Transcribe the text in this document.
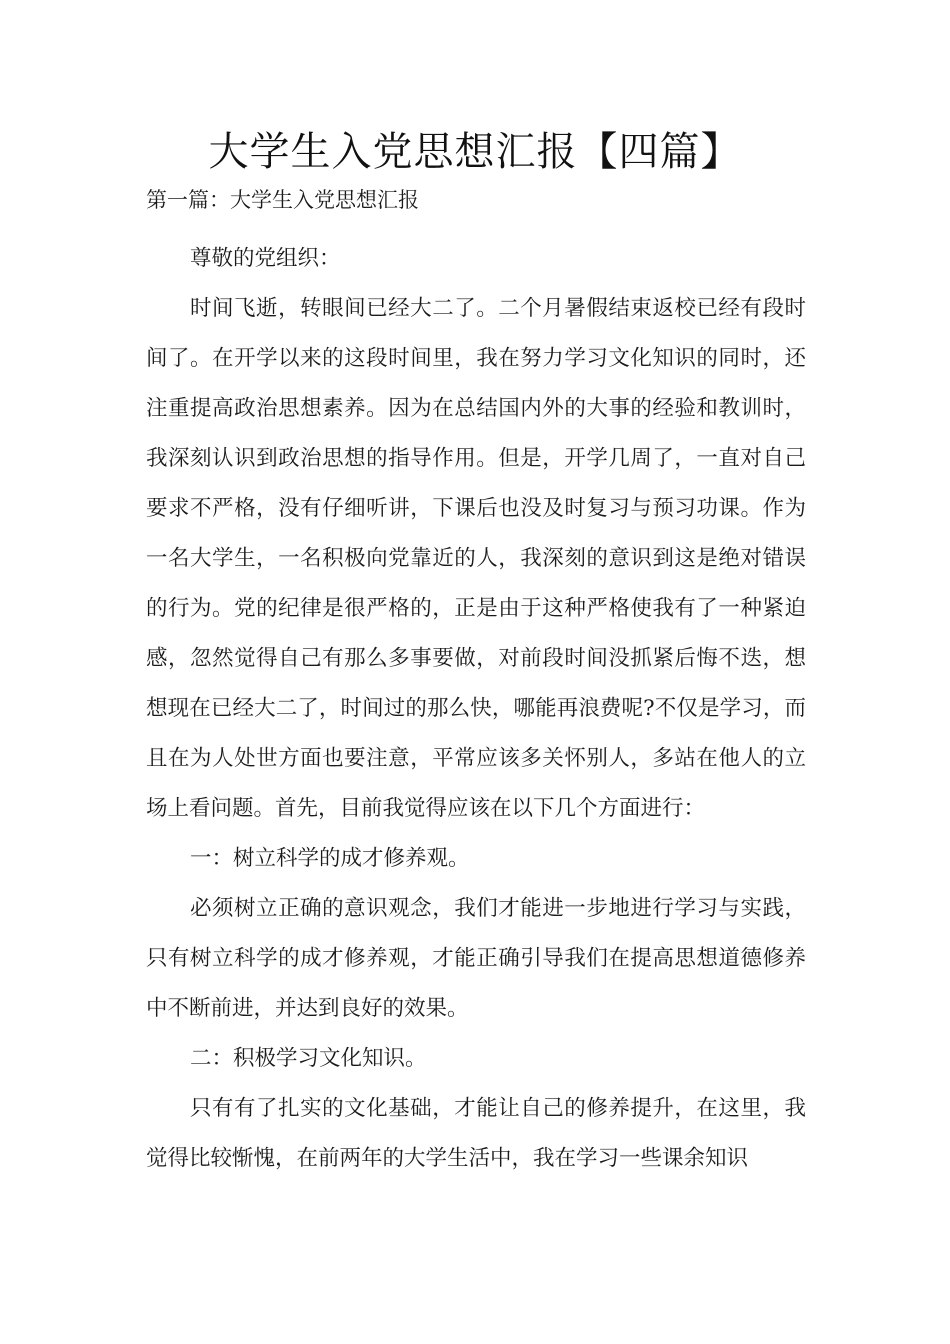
大学生入党思想汇报【四篇】
第一篇：大学生入党思想汇报

尊敬的党组织：

时间飞逝，转眼间已经大二了。二个月暑假结束返校已经有段时间了。在开学以来的这段时间里，我在努力学习文化知识的同时，还注重提高政治思想素养。因为在总结国内外的大事的经验和教训时，我深刻认识到政治思想的指导作用。但是，开学几周了，一直对自己要求不严格，没有仔细听讲，下课后也没及时复习与预习功课。作为一名大学生，一名积极向党靠近的人，我深刻的意识到这是绝对错误的行为。党的纪律是很严格的，正是由于这种严格使我有了一种紧迫感，忽然觉得自己有那么多事要做，对前段时间没抓紧后悔不迭，想想现在已经大二了，时间过的那么快，哪能再浪费呢?不仅是学习，而且在为人处世方面也要注意，平常应该多关怀别人，多站在他人的立场上看问题。首先，目前我觉得应该在以下几个方面进行：

一：树立科学的成才修养观。

必须树立正确的意识观念，我们才能进一步地进行学习与实践，只有树立科学的成才修养观，才能正确引导我们在提高思想道德修养中不断前进，并达到良好的效果。

二：积极学习文化知识。

只有有了扎实的文化基础，才能让自己的修养提升，在这里，我觉得比较惭愧，在前两年的大学生活中，我在学习一些课余知识
